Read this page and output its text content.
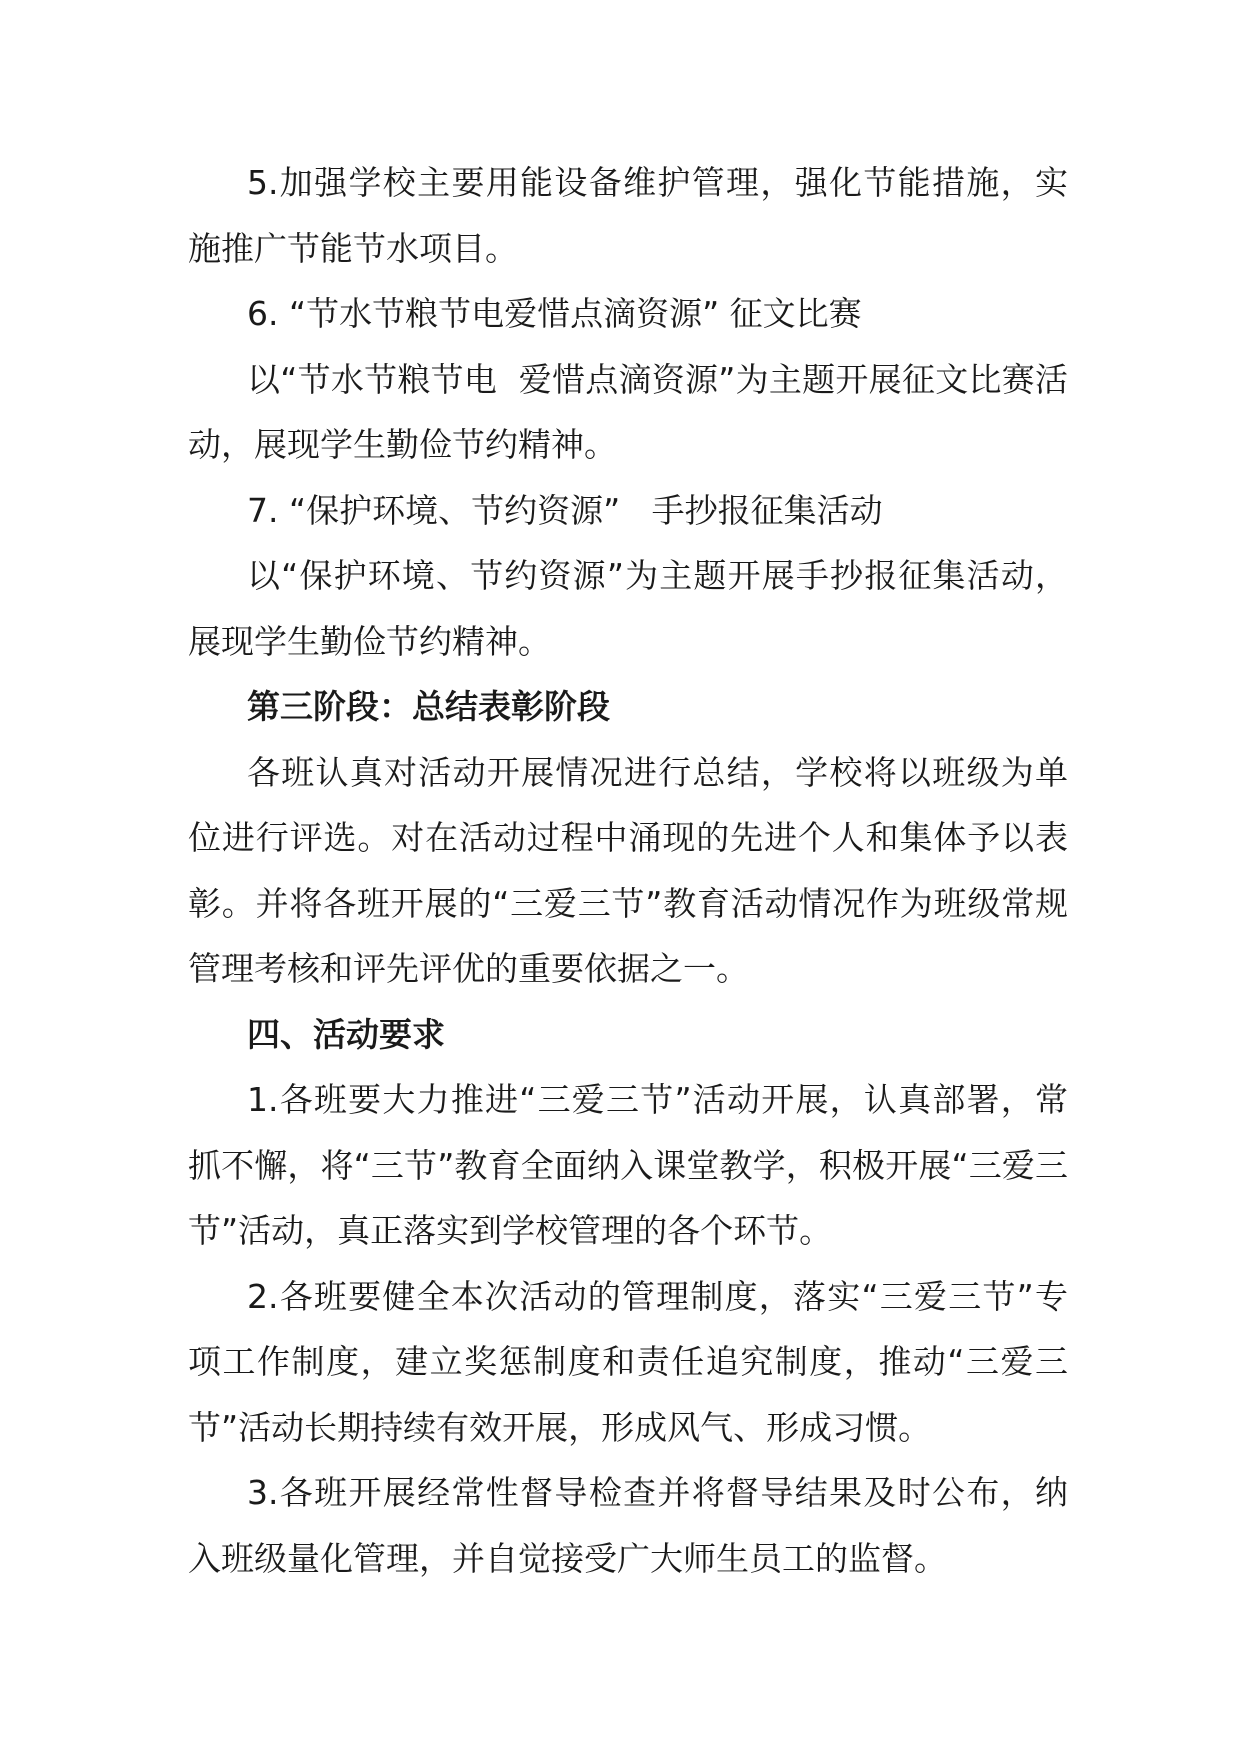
5.加强学校主要用能设备维护管理，强化节能措施，实施推广节能节水项目。

6. “节水节粮节电爱惜点滴资源” 征文比赛

以“节水节粮节电  爱惜点滴资源”为主题开展征文比赛活动，展现学生勤俭节约精神。

7. “保护环境、节约资源”   手抄报征集活动

以“保护环境、节约资源”为主题开展手抄报征集活动，展现学生勤俭节约精神。

第三阶段：总结表彰阶段

各班认真对活动开展情况进行总结，学校将以班级为单位进行评选。对在活动过程中涌现的先进个人和集体予以表彰。并将各班开展的“三爱三节”教育活动情况作为班级常规管理考核和评先评优的重要依据之一。

四、活动要求

1.各班要大力推进“三爱三节”活动开展，认真部署，常抓不懈，将“三节”教育全面纳入课堂教学，积极开展“三爱三节”活动，真正落实到学校管理的各个环节。

2.各班要健全本次活动的管理制度，落实“三爱三节”专项工作制度，建立奖惩制度和责任追究制度，推动“三爱三节”活动长期持续有效开展，形成风气、形成习惯。

3.各班开展经常性督导检查并将督导结果及时公布，纳入班级量化管理，并自觉接受广大师生员工的监督。
